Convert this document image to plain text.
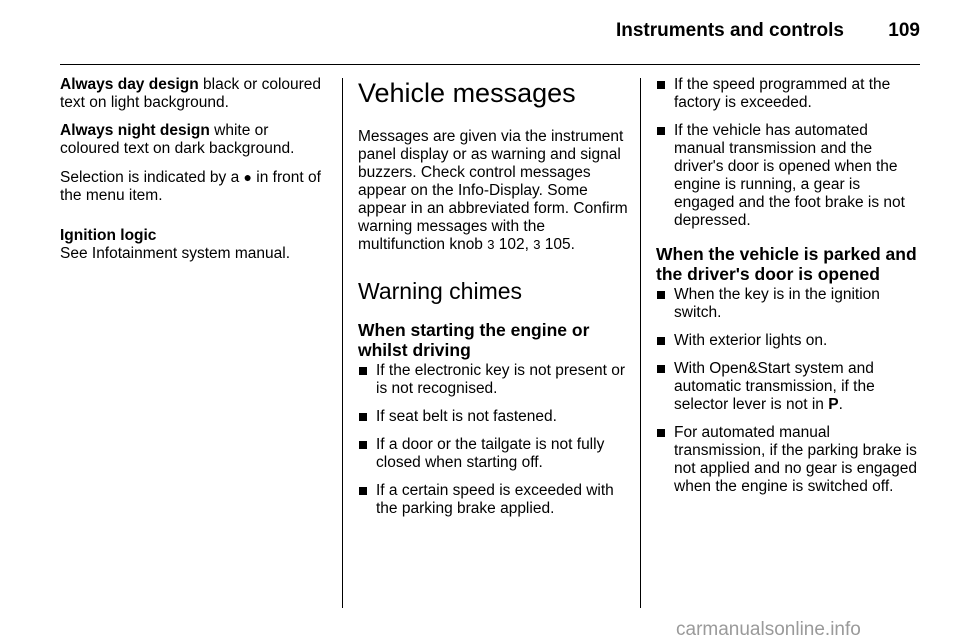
Instruments and controls	109

Always day design black or coloured text on light background.

Always night design white or coloured text on dark background.

Selection is indicated by a ● in front of the menu item.

Ignition logic
See Infotainment system manual.

Vehicle messages

Messages are given via the instrument panel display or as warning and signal buzzers. Check control messages appear on the Info-Display. Some appear in an abbreviated form. Confirm warning messages with the multifunction knob 3 102, 3 105.

Warning chimes
When starting the engine or whilst driving
If the electronic key is not present or is not recognised.
If seat belt is not fastened.
If a door or the tailgate is not fully closed when starting off.
If a certain speed is exceeded with the parking brake applied.
If the speed programmed at the factory is exceeded.
If the vehicle has automated manual transmission and the driver's door is opened when the engine is running, a gear is engaged and the foot brake is not depressed.
When the vehicle is parked and the driver's door is opened
When the key is in the ignition switch.
With exterior lights on.
With Open&Start system and automatic transmission, if the selector lever is not in P.
For automated manual transmission, if the parking brake is not applied and no gear is engaged when the engine is switched off.
carmanualsonline.info
